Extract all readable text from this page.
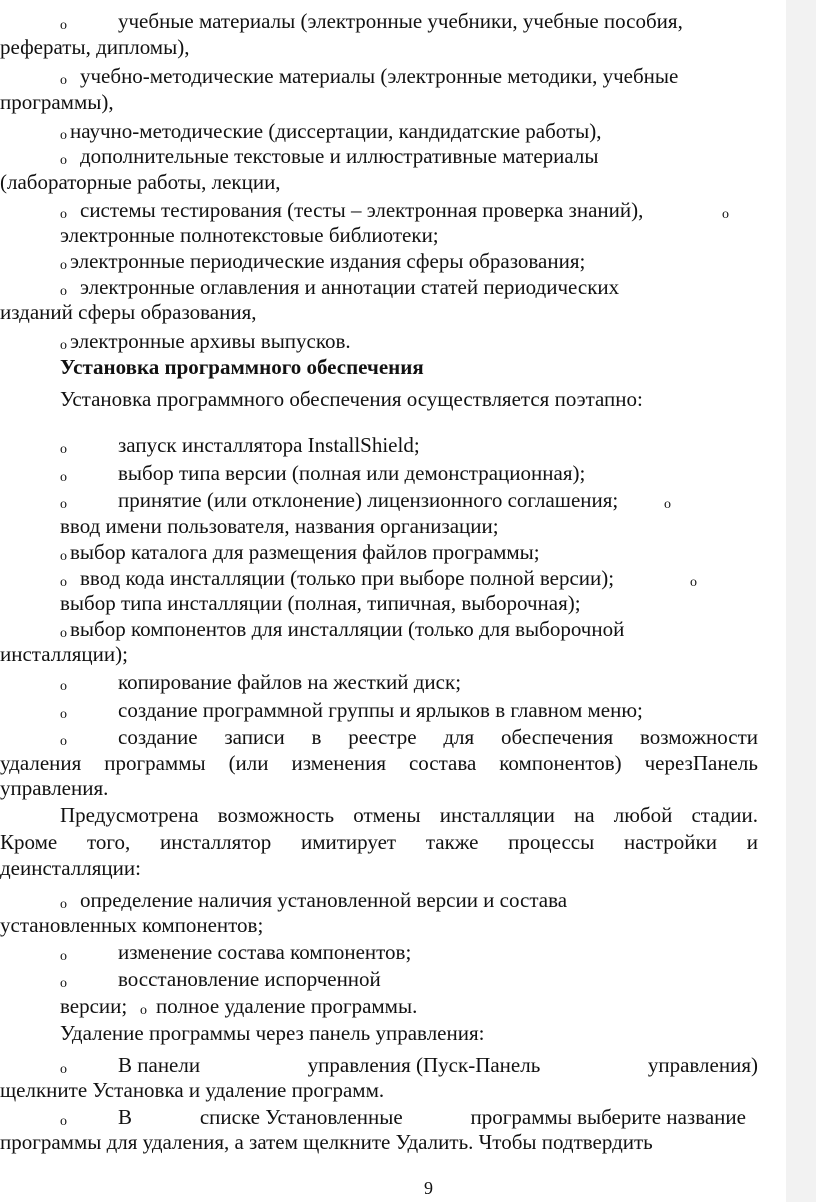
o учебные материалы (электронные учебники, учебные пособия,
рефераты, дипломы),
o учебно-методические материалы (электронные методики, учебные
программы),
o научно-методические (диссертации, кандидатские работы),
o дополнительные текстовые и иллюстративные материалы
(лабораторные работы, лекции,
o системы тестирования (тесты – электронная проверка знаний),	o
электронные полнотекстовые библиотеки;
o электронные периодические издания сферы образования;
o электронные оглавления и аннотации статей периодических
изданий сферы образования,
o электронные архивы выпусков.
Установка программного обеспечения
Установка программного обеспечения осуществляется поэтапно:
o запуск инсталлятора InstallShield;
o выбор типа версии (полная или демонстрационная);
o принятие (или отклонение) лицензионного соглашения;	o
ввод имени пользователя, названия организации;
o выбор каталога для размещения файлов программы;
o ввод кода инсталляции (только при выборе полной версии);	o
выбор типа инсталляции (полная, типичная, выборочная);
o выбор компонентов для инсталляции (только для выборочной
инсталляции);
o копирование файлов на жесткий диск;
o создание программной группы и ярлыков в главном меню;
o создание записи в реестре для обеспечения возможности
удаления программы (или изменения состава компонентов) черезПанель
управления.
Предусмотрена возможность отмены инсталляции на любой стадии.
Кроме того, инсталлятор имитирует также процессы настройки и
деинсталляции:
o определение наличия установленной версии и состава
установленных компонентов;
o изменение состава компонентов;
o восстановление испорченной
версии; o полное удаление программы.
Удаление программы через панель управления:
o В панели	управления (Пуск-Панель	управления)
щелкните Установка и удаление программ.
o В	списке Установленные	программы выберите название
программы для удаления, а затем щелкните Удалить. Чтобы подтвердить
9
